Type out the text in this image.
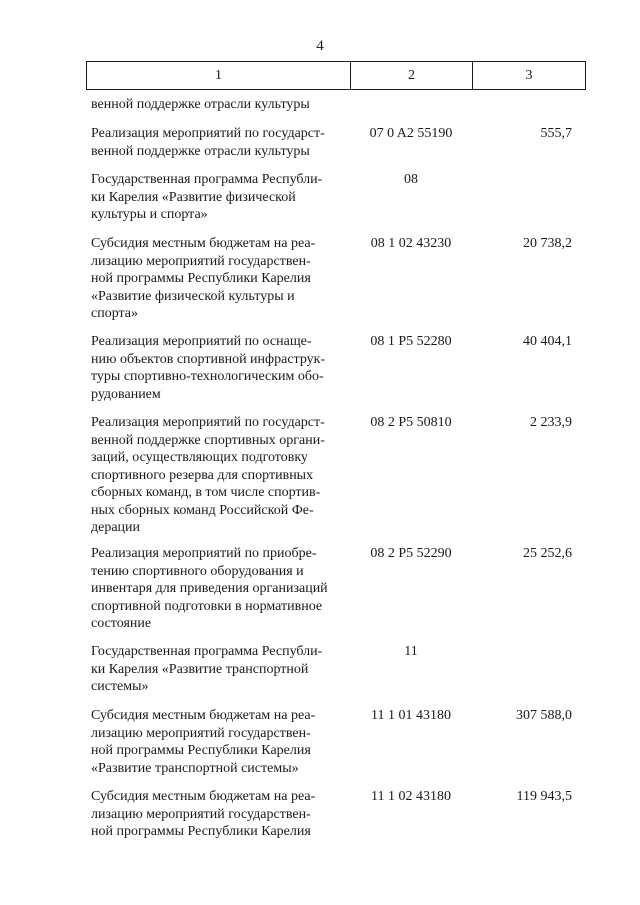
4
1	2	3
венной поддержке отрасли культуры
Реализация мероприятий по государст-
венной поддержке отрасли культуры
07 0 A2 55190	555,7
Государственная программа Республи-
ки Карелия «Развитие физической
культуры и спорта»
08
Субсидия местным бюджетам на реа-
лизацию мероприятий государствен-
ной программы Республики Карелия
«Развитие физической культуры и
спорта»
08 1 02 43230	20 738,2
Реализация мероприятий по оснаще-
нию объектов спортивной инфраструк-
туры спортивно-технологическим обо-
рудованием
08 1 P5 52280	40 404,1
Реализация мероприятий по государст-
венной поддержке спортивных органи-
заций, осуществляющих подготовку
спортивного резерва для спортивных
сборных команд, в том числе спортив-
ных сборных команд Российской Фе-
дерации
08 2 P5 50810	2 233,9
Реализация мероприятий по приобре-
тению спортивного оборудования и
инвентаря для приведения организаций
спортивной подготовки в нормативное
состояние
08 2 P5 52290	25 252,6
Государственная программа Республи-
ки Карелия «Развитие транспортной
системы»
11
Субсидия местным бюджетам на реа-
лизацию мероприятий государствен-
ной программы Республики Карелия
«Развитие транспортной системы»
11 1 01 43180	307 588,0
Субсидия местным бюджетам на реа-
лизацию мероприятий государствен-
ной программы Республики Карелия
11 1 02 43180	119 943,5
